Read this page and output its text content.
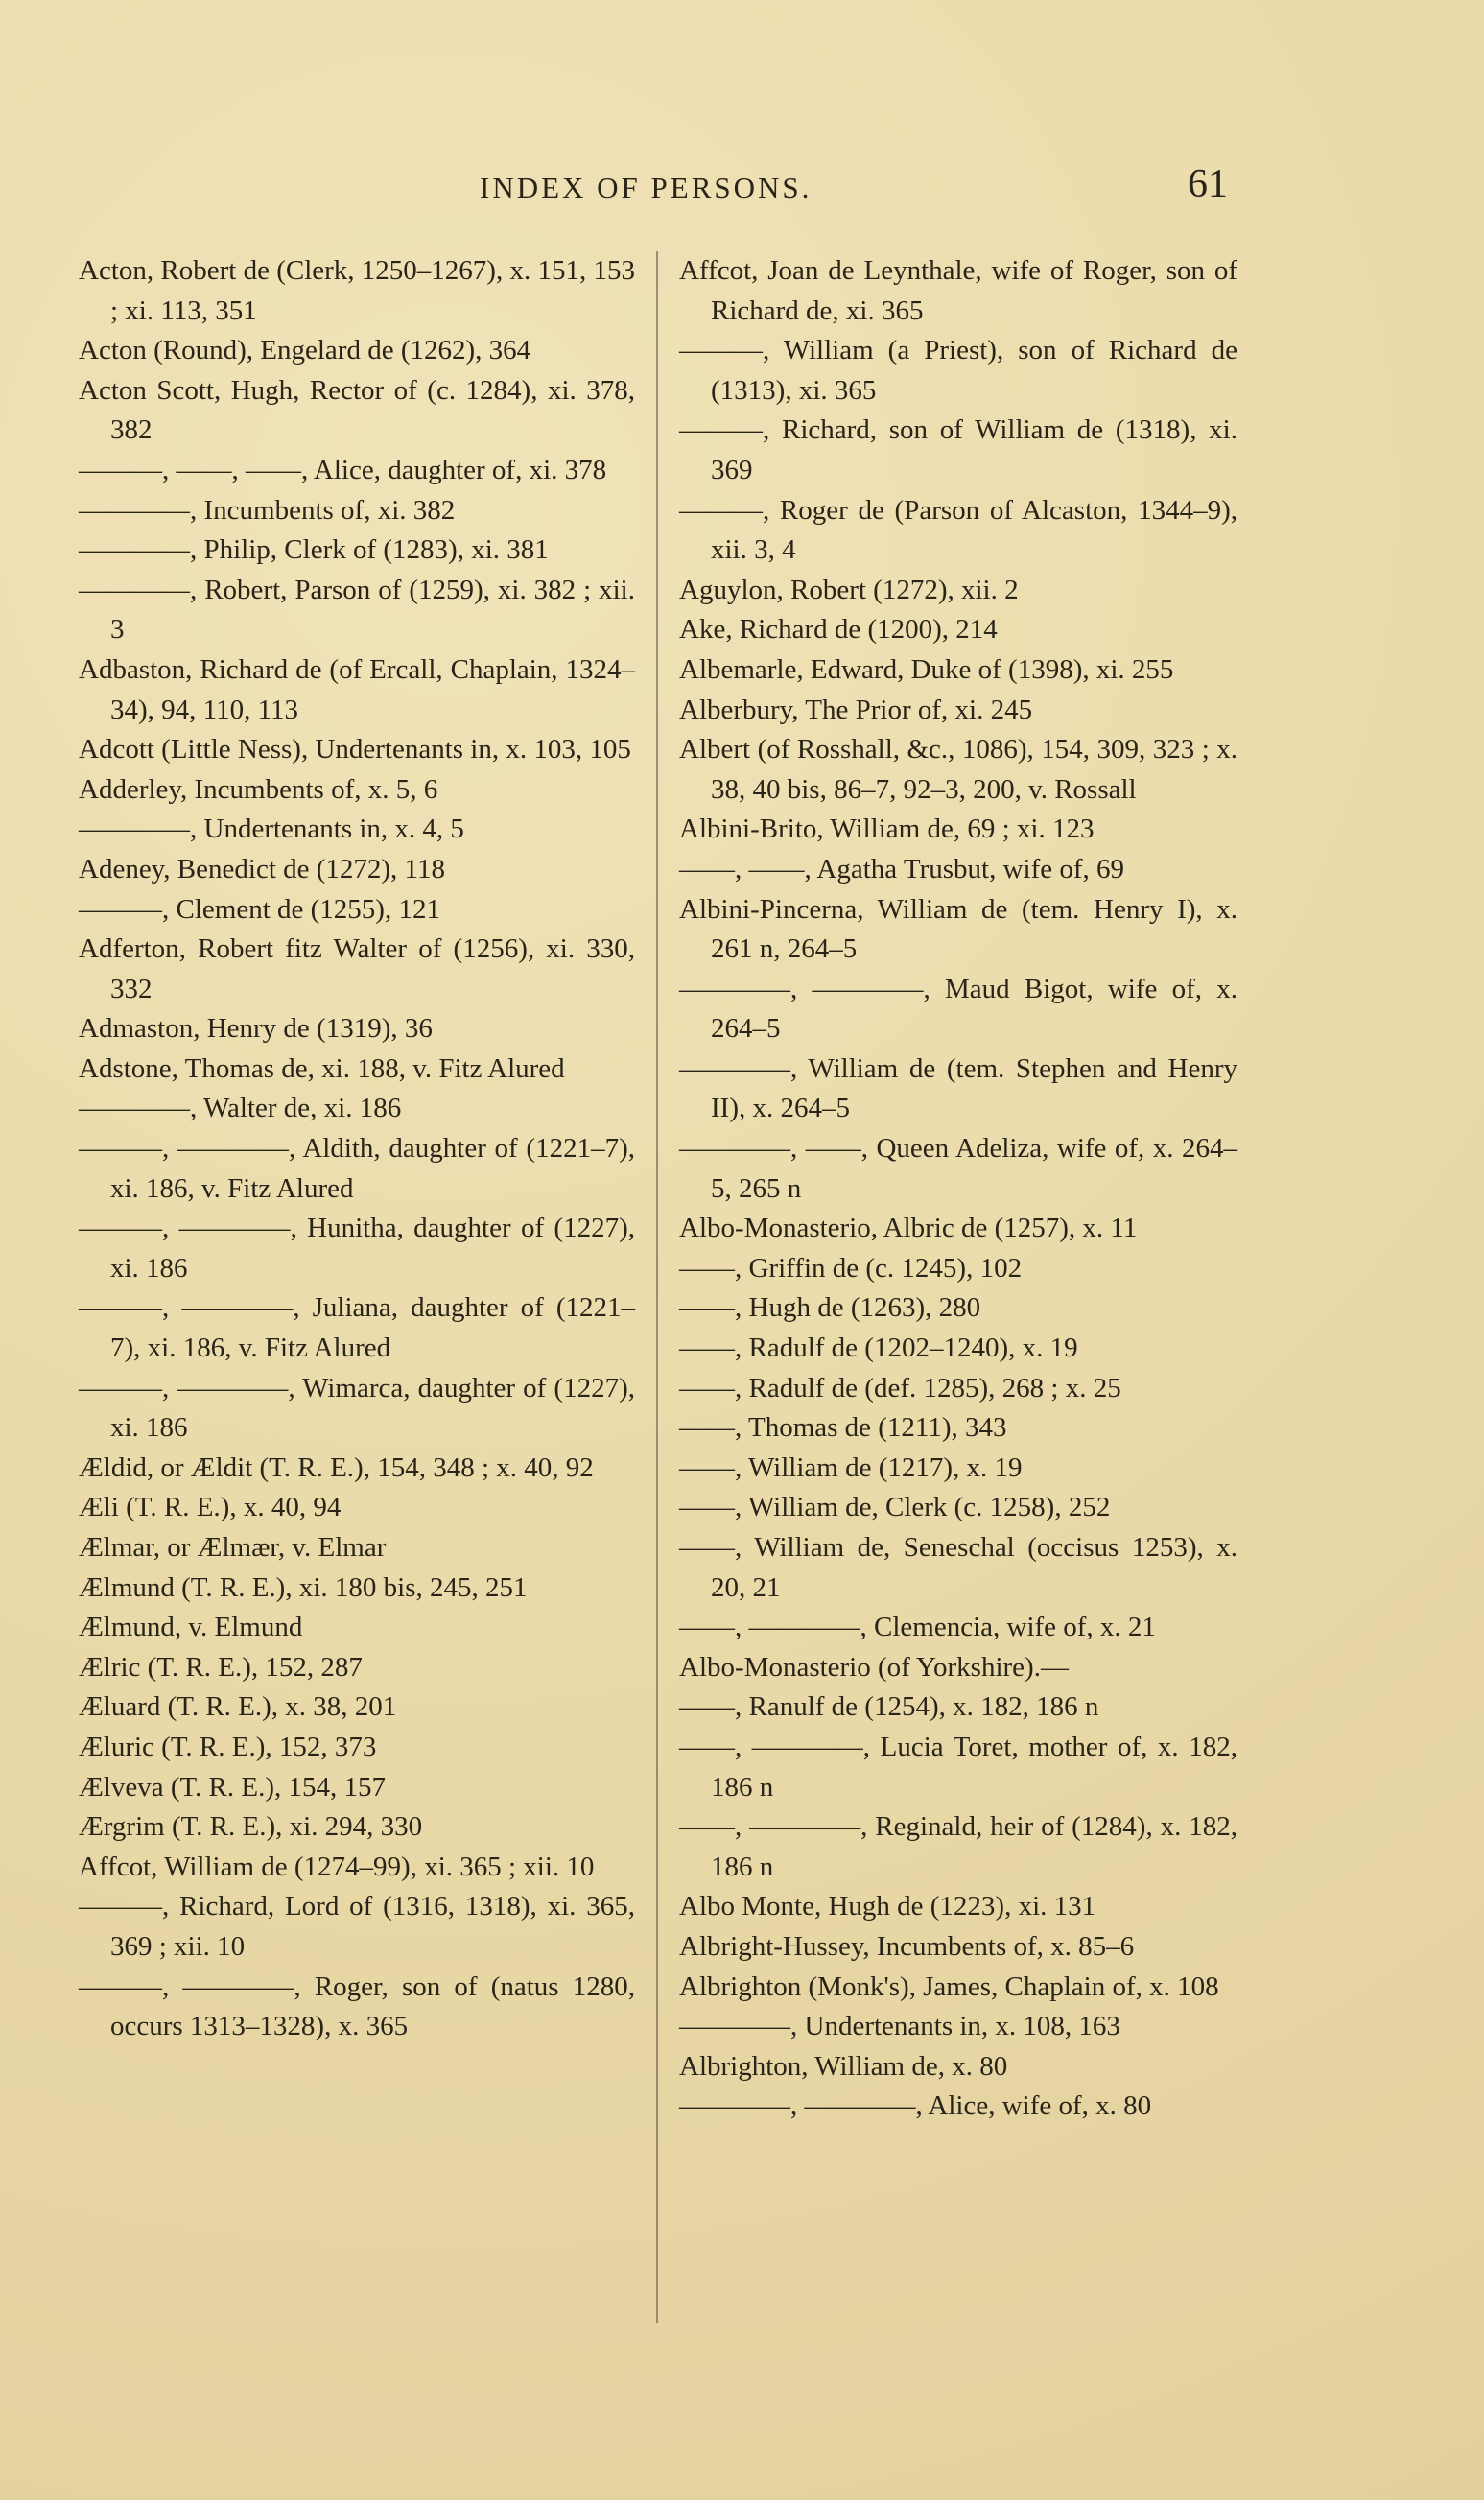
INDEX OF PERSONS.	61
Acton, Robert de (Clerk, 1250–1267), x. 151, 153 ; xi. 113, 351
Acton (Round), Engelard de (1262), 364
Acton Scott, Hugh, Rector of (c. 1284), xi. 378, 382
———, ——, ——, Alice, daughter of, xi. 378
————, Incumbents of, xi. 382
————, Philip, Clerk of (1283), xi. 381
————, Robert, Parson of (1259), xi. 382 ; xii. 3
Adbaston, Richard de (of Ercall, Chaplain, 1324–34), 94, 110, 113
Adcott (Little Ness), Undertenants in, x. 103, 105
Adderley, Incumbents of, x. 5, 6
————, Undertenants in, x. 4, 5
Adeney, Benedict de (1272), 118
———, Clement de (1255), 121
Adferton, Robert fitz Walter of (1256), xi. 330, 332
Admaston, Henry de (1319), 36
Adstone, Thomas de, xi. 188, v. Fitz Alured
————, Walter de, xi. 186
———, ————, Aldith, daughter of (1221–7), xi. 186, v. Fitz Alured
———, ————, Hunitha, daughter of (1227), xi. 186
———, ————, Juliana, daughter of (1221–7), xi. 186, v. Fitz Alured
———, ————, Wimarca, daughter of (1227), xi. 186
Ældid, or Ældit (T. R. E.), 154, 348 ; x. 40, 92
Æli (T. R. E.), x. 40, 94
Ælmar, or Ælmær, v. Elmar
Ælmund (T. R. E.), xi. 180 bis, 245, 251
Ælmund, v. Elmund
Ælric (T. R. E.), 152, 287
Æluard (T. R. E.), x. 38, 201
Æluric (T. R. E.), 152, 373
Ælveva (T. R. E.), 154, 157
Ærgrim (T. R. E.), xi. 294, 330
Affcot, William de (1274–99), xi. 365 ; xii. 10
———, Richard, Lord of (1316, 1318), xi. 365, 369 ; xii. 10
———, ————, Roger, son of (natus 1280, occurs 1313–1328), x. 365
Affcot, Joan de Leynthale, wife of Roger, son of Richard de, xi. 365
———, William (a Priest), son of Richard de (1313), xi. 365
———, Richard, son of William de (1318), xi. 369
———, Roger de (Parson of Alcaston, 1344–9), xii. 3, 4
Aguylon, Robert (1272), xii. 2
Ake, Richard de (1200), 214
Albemarle, Edward, Duke of (1398), xi. 255
Alberbury, The Prior of, xi. 245
Albert (of Rosshall, &c., 1086), 154, 309, 323 ; x. 38, 40 bis, 86–7, 92–3, 200, v. Rossall
Albini-Brito, William de, 69 ; xi. 123
——, ——, Agatha Trusbut, wife of, 69
Albini-Pincerna, William de (tem. Henry I), x. 261 n, 264–5
————, ————, Maud Bigot, wife of, x. 264–5
————, William de (tem. Stephen and Henry II), x. 264–5
————, ——, Queen Adeliza, wife of, x. 264–5, 265 n
Albo-Monasterio, Albric de (1257), x. 11
——, Griffin de (c. 1245), 102
——, Hugh de (1263), 280
——, Radulf de (1202–1240), x. 19
——, Radulf de (def. 1285), 268 ; x. 25
——, Thomas de (1211), 343
——, William de (1217), x. 19
——, William de, Clerk (c. 1258), 252
——, William de, Seneschal (occisus 1253), x. 20, 21
——, ————, Clemencia, wife of, x. 21
Albo-Monasterio (of Yorkshire).—
——, Ranulf de (1254), x. 182, 186 n
——, ————, Lucia Toret, mother of, x. 182, 186 n
——, ————, Reginald, heir of (1284), x. 182, 186 n
Albo Monte, Hugh de (1223), xi. 131
Albright-Hussey, Incumbents of, x. 85–6
Albrighton (Monk's), James, Chaplain of, x. 108
————, Undertenants in, x. 108, 163
Albrighton, William de, x. 80
————, ————, Alice, wife of, x. 80
